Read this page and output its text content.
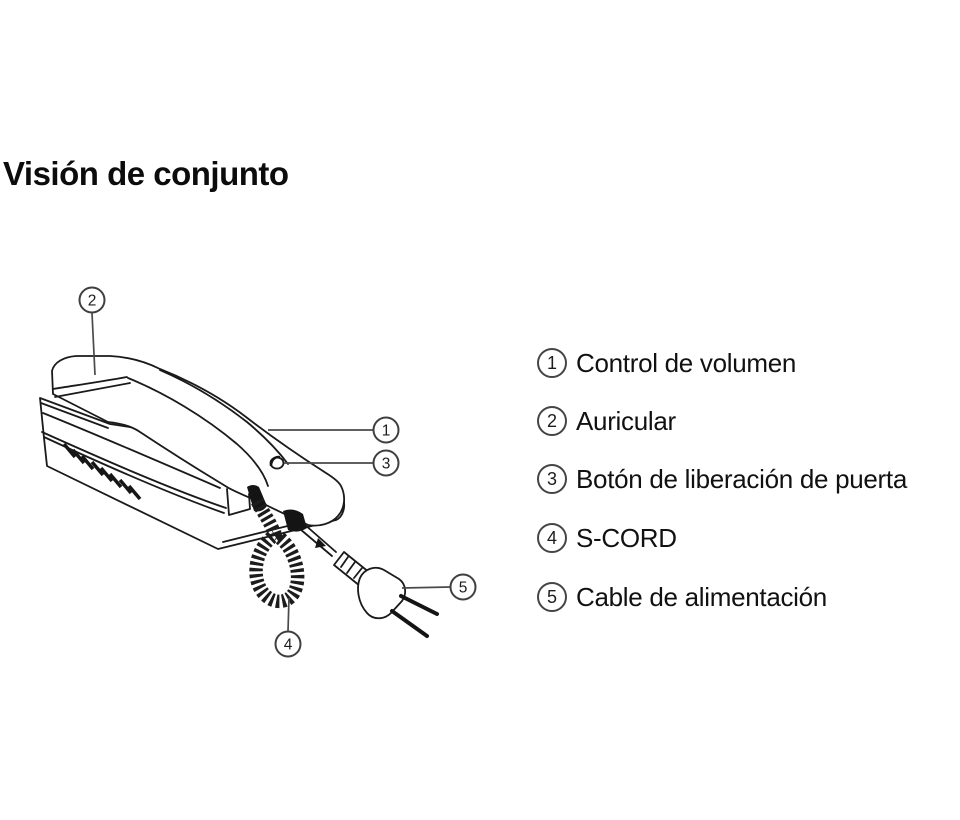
Visión de conjunto
1
2
3
4
5
1 Control de volumen
2 Auricular
3 Botón de liberación de puerta
4 S-CORD
5 Cable de alimentación
